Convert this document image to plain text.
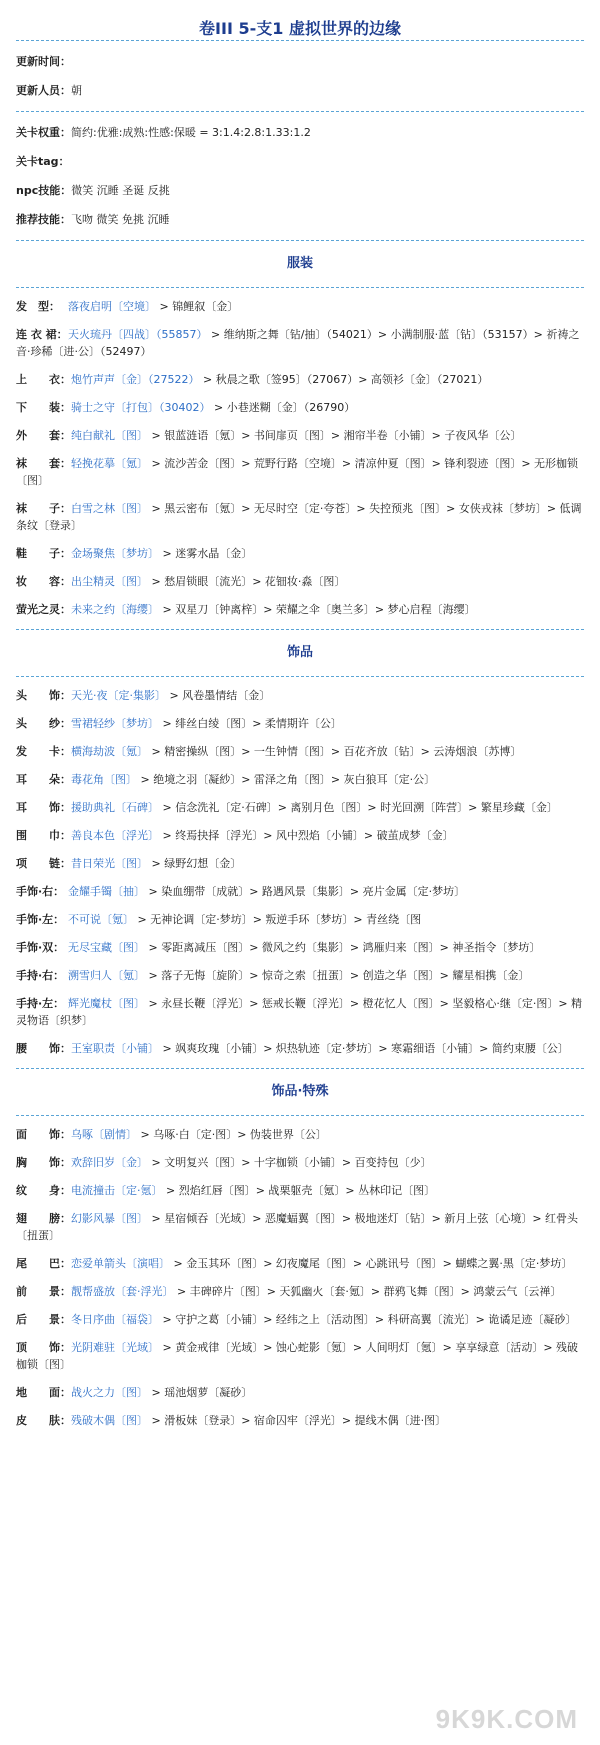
卷III 5-支1 虚拟世界的边缘
更新时间：
更新人员：朝
关卡权重：简约:优雅:成熟:性感:保暖 = 3:1.4:2.8:1.33:1.2
关卡tag：
npc技能：微笑 沉睡 圣诞 反挑
推荐技能：飞吻 微笑 免挑 沉睡
服装
发　型： 落夜启明〔空境〕 > 锦鲤叙〔金〕
连 衣 裙：天火琉丹〔四战〕（55857） > 维纳斯之舞〔钻/抽〕（54021）> 小满制服·蓝〔钻〕（53157）> 祈祷之音·珍稀〔进·公〕（52497）
上　　衣：炮竹声声〔金〕（27522） > 秋晨之歌〔签95〕（27067）> 高领衫〔金〕（27021）
下　　装：骑士之守〔打包〕（30402） > 小巷迷糊〔金〕（26790）
外　　套：纯白献礼〔图〕 > 银蓝涟语〔氪〕> 书间扉页〔图〕> 湘帘半卷〔小铺〕> 子夜风华〔公〕
袜　　套：轻挽花摹〔氪〕 > 流沙苦金〔图〕> 荒野行路〔空境〕> 清凉仲夏〔图〕> 锋利裂迹〔图〕> 无形枷锁〔图〕
袜　　子：白雪之林〔图〕 > 黑云密布〔氪〕> 无尽时空〔定·夸苍〕> 失控预兆〔图〕> 女侠戎袜〔梦坊〕> 低调条纹〔登录〕
鞋　　子：金场聚焦〔梦坊〕 > 迷雾水晶〔金〕
妆　　容：出尘精灵〔图〕 > 愁眉锁眼〔流光〕> 花钿妆·淼〔图〕
萤光之灵：未来之约〔海缨〕 > 双星刀〔钟离梓〕> 荣耀之伞〔奥兰多〕> 梦心启程〔海缨〕
饰品
头　　饰：天光·夜〔定·集影〕 > 风卷墨情结〔金〕
头　　纱：雪裙轻纱〔梦坊〕 > 绯丝白绫〔图〕> 柔情期许〔公〕
发　　卡：横海劫波〔氪〕 > 精密操纵〔图〕> 一生钟情〔图〕> 百花齐放〔钻〕> 云涛烟浪〔苏博〕
耳　　朵：毒花角〔图〕 > 绝境之羽〔凝紗〕> 雷泽之角〔图〕> 灰白狼耳〔定·公〕
耳　　饰：援助典礼〔石碑〕 > 信念洗礼〔定·石碑〕> 离别月色〔图〕> 时光回溯〔阵营〕> 繁星珍藏〔金〕
围　　巾：善良本色〔浮光〕 > 终焉抉择〔浮光〕> 风中烈焰〔小铺〕> 破茧成梦〔金〕
项　　链：昔日荣光〔图〕 > 绿野幻想〔金〕
手饰·右： 金耀手镯〔抽〕 > 染血绷带〔成就〕> 路遇风景〔集影〕> 亮片金属〔定·梦坊〕
手饰·左： 不可说〔氪〕 > 无神论调〔定·梦坊〕> 叛逆手环〔梦坊〕> 青丝绕〔图
手饰·双： 无尽宝藏〔图〕 > 零距离减压〔图〕> 微风之约〔集影〕> 鸿雁归来〔图〕> 神圣指令〔梦坊〕
手持·右： 溯雪归人〔氪〕 > 落子无悔〔旋阶〕> 惊奇之索〔扭蛋〕> 创造之华〔图〕> 耀星相携〔金〕
手持·左： 辉光魔杖〔图〕 > 永昼长鞭〔浮光〕> 惩戒长鞭〔浮光〕> 橙花忆人〔图〕> 坚毅格心·继〔定·图〕> 精灵物语〔织梦〕
腰　　饰：王室职责〔小铺〕 > 飒爽玫瑰〔小铺〕> 炽热轨迹〔定·梦坊〕> 寒霜细语〔小铺〕> 简约束腰〔公〕
饰品·特殊
面　　饰：乌啄〔剧情〕 > 乌啄·白〔定·图〕> 伪装世界〔公〕
胸　　饰：欢辞旧岁〔金〕 > 文明复兴〔图〕> 十字枷锁〔小铺〕> 百变持包〔少〕
纹　　身：电流撞击〔定·氪〕 > 烈焰红唇〔图〕> 战栗躯壳〔氪〕> 丛林印记〔图〕
翅　　膀：幻影风暴〔图〕 > 星宿倾吞〔光域〕> 恶魔蝠翼〔图〕> 极地迷灯〔钻〕> 新月上弦〔心境〕> 红骨头〔扭蛋〕
尾　　巴：恋爱单箭头〔演唱〕 > 金玉其环〔图〕> 幻夜魔尾〔图〕> 心跳讯号〔图〕> 蝴蝶之翼·黑〔定·梦坊〕
前　　景：靓帮盛放〔套·浮光〕 > 丰碑碎片〔图〕> 天狐幽火〔套·氪〕> 群鸦飞舞〔图〕> 鸿蒙云气〔云禅〕
后　　景：冬日序曲〔福袋〕 > 守护之葛〔小铺〕> 经纬之上〔活动图〕> 科研高翼〔流光〕> 诡谲足迹〔凝砂〕
顶　　饰：光阴难驻〔光域〕 > 黄金戒律〔光域〕> 蚀心蛇影〔氪〕> 人间明灯〔氪〕> 享享绿意〔活动〕> 残破枷锁〔图〕
地　　面：战火之力〔图〕 > 瑶池烟萝〔凝砂〕
皮　　肤：残破木偶〔图〕 > 滑板妹〔登录〕> 宿命囚牢〔浮光〕> 提线木偶〔进·图〕
9K9K.COM
